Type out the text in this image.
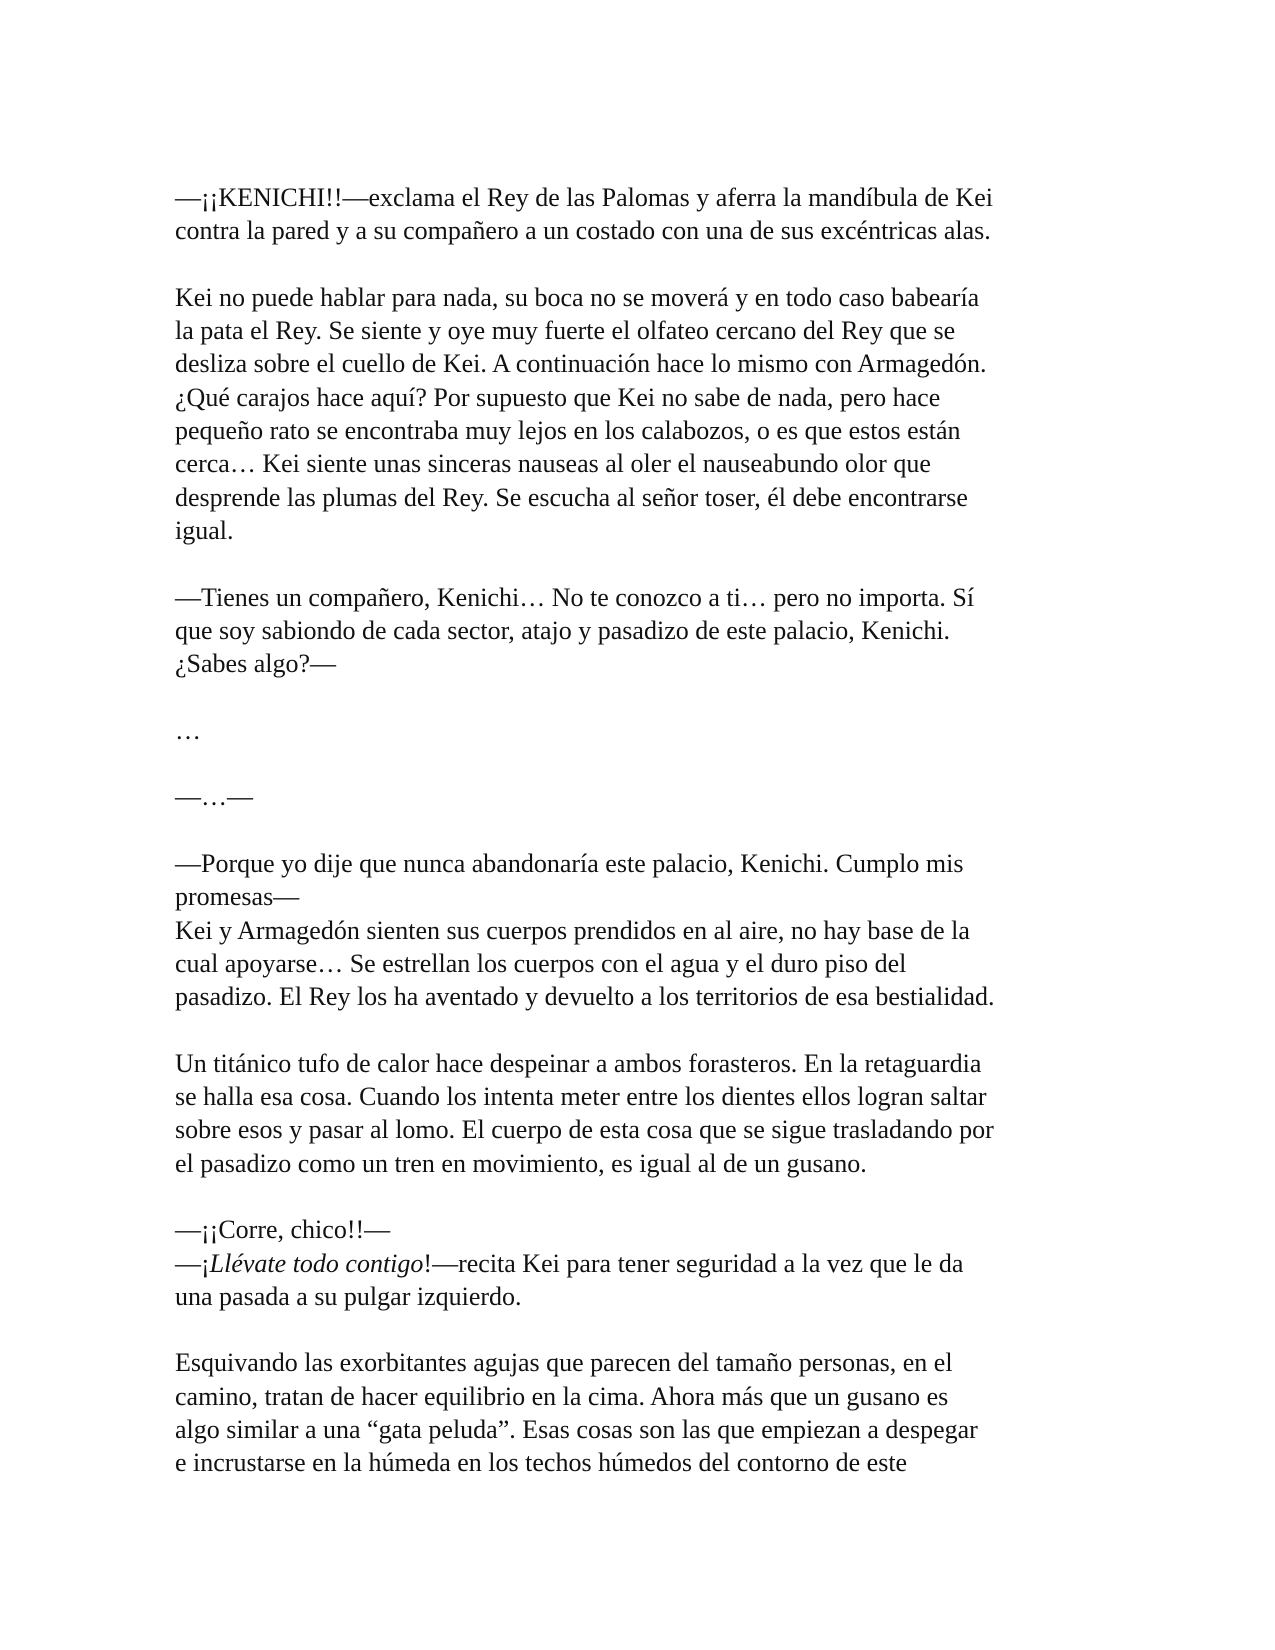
—¡¡KENICHI!!—exclama el Rey de las Palomas y aferra la mandíbula de Kei
contra la pared y a su compañero a un costado con una de sus excéntricas alas.

Kei no puede hablar para nada, su boca no se moverá y en todo caso babearía
la pata el Rey. Se siente y oye muy fuerte el olfateo cercano del Rey que se
desliza sobre el cuello de Kei. A continuación hace lo mismo con Armagedón.
¿Qué carajos hace aquí? Por supuesto que Kei no sabe de nada, pero hace
pequeño rato se encontraba muy lejos en los calabozos, o es que estos están
cerca… Kei siente unas sinceras nauseas al oler el nauseabundo olor que
desprende las plumas del Rey. Se escucha al señor toser, él debe encontrarse
igual.

—Tienes un compañero, Kenichi… No te conozco a ti… pero no importa. Sí
que soy sabiondo de cada sector, atajo y pasadizo de este palacio, Kenichi.
¿Sabes algo?—

…

—…—

—Porque yo dije que nunca abandonaría este palacio, Kenichi. Cumplo mis
promesas—

Kei y Armagedón sienten sus cuerpos prendidos en al aire, no hay base de la
cual apoyarse… Se estrellan los cuerpos con el agua y el duro piso del
pasadizo. El Rey los ha aventado y devuelto a los territorios de esa bestialidad.

Un titánico tufo de calor hace despeinar a ambos forasteros. En la retaguardia
se halla esa cosa. Cuando los intenta meter entre los dientes ellos logran saltar
sobre esos y pasar al lomo. El cuerpo de esta cosa que se sigue trasladando por
el pasadizo como un tren en movimiento, es igual al de un gusano.

—¡¡Corre, chico!!—

—¡Llévate todo contigo!—recita Kei para tener seguridad a la vez que le da
una pasada a su pulgar izquierdo.

Esquivando las exorbitantes agujas que parecen del tamaño personas, en el
camino, tratan de hacer equilibrio en la cima. Ahora más que un gusano es
algo similar a una “gata peluda”. Esas cosas son las que empiezan a despegar
e incrustarse en la húmeda en los techos húmedos del contorno de este
